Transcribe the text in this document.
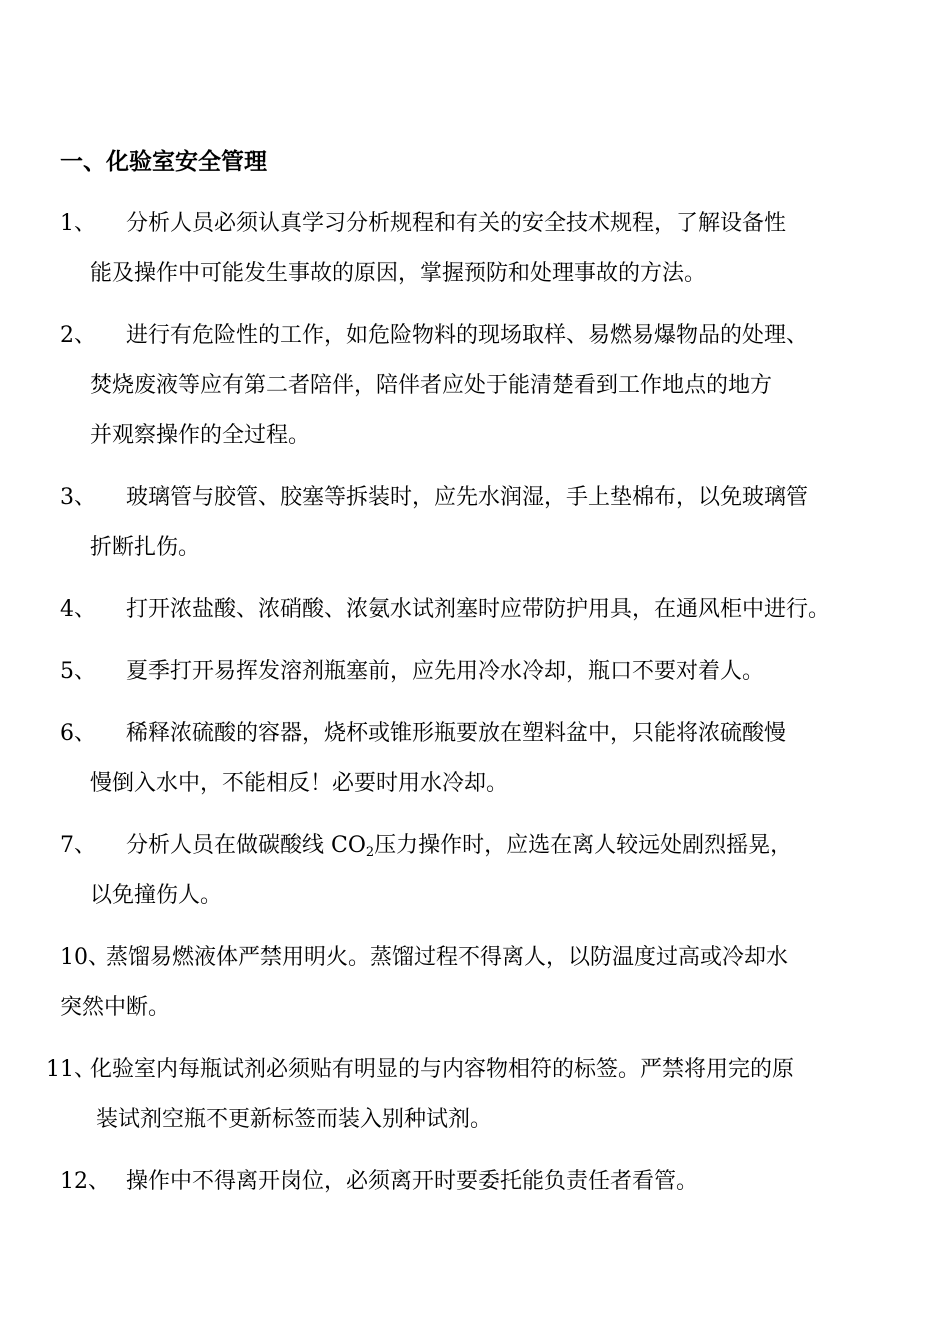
一、化验室安全管理
1、 分析人员必须认真学习分析规程和有关的安全技术规程，了解设备性
能及操作中可能发生事故的原因，掌握预防和处理事故的方法。
2、 进行有危险性的工作，如危险物料的现场取样、易燃易爆物品的处理、
焚烧废液等应有第二者陪伴，陪伴者应处于能清楚看到工作地点的地方
并观察操作的全过程。
3、 玻璃管与胶管、胶塞等拆装时，应先水润湿，手上垫棉布，以免玻璃管
折断扎伤。
4、 打开浓盐酸、浓硝酸、浓氨水试剂塞时应带防护用具，在通风柜中进行。
5、 夏季打开易挥发溶剂瓶塞前，应先用冷水冷却，瓶口不要对着人。
6、 稀释浓硫酸的容器，烧杯或锥形瓶要放在塑料盆中，只能将浓硫酸慢
慢倒入水中，不能相反！必要时用水冷却。
7、 分析人员在做碳酸线 $CO_2$压力操作时，应选在离人较远处剧烈摇晃，
以免撞伤人。
10、
蒸馏易燃液体严禁用明火。蒸馏过程不得离人，以防温度过高或冷却水
突然中断。
11、
化验室内每瓶试剂必须贴有明显的与内容物相符的标签。严禁将用完的原
装试剂空瓶不更新标签而装入别种试剂。
12、 操作中不得离开岗位，必须离开时要委托能负责任者看管。
